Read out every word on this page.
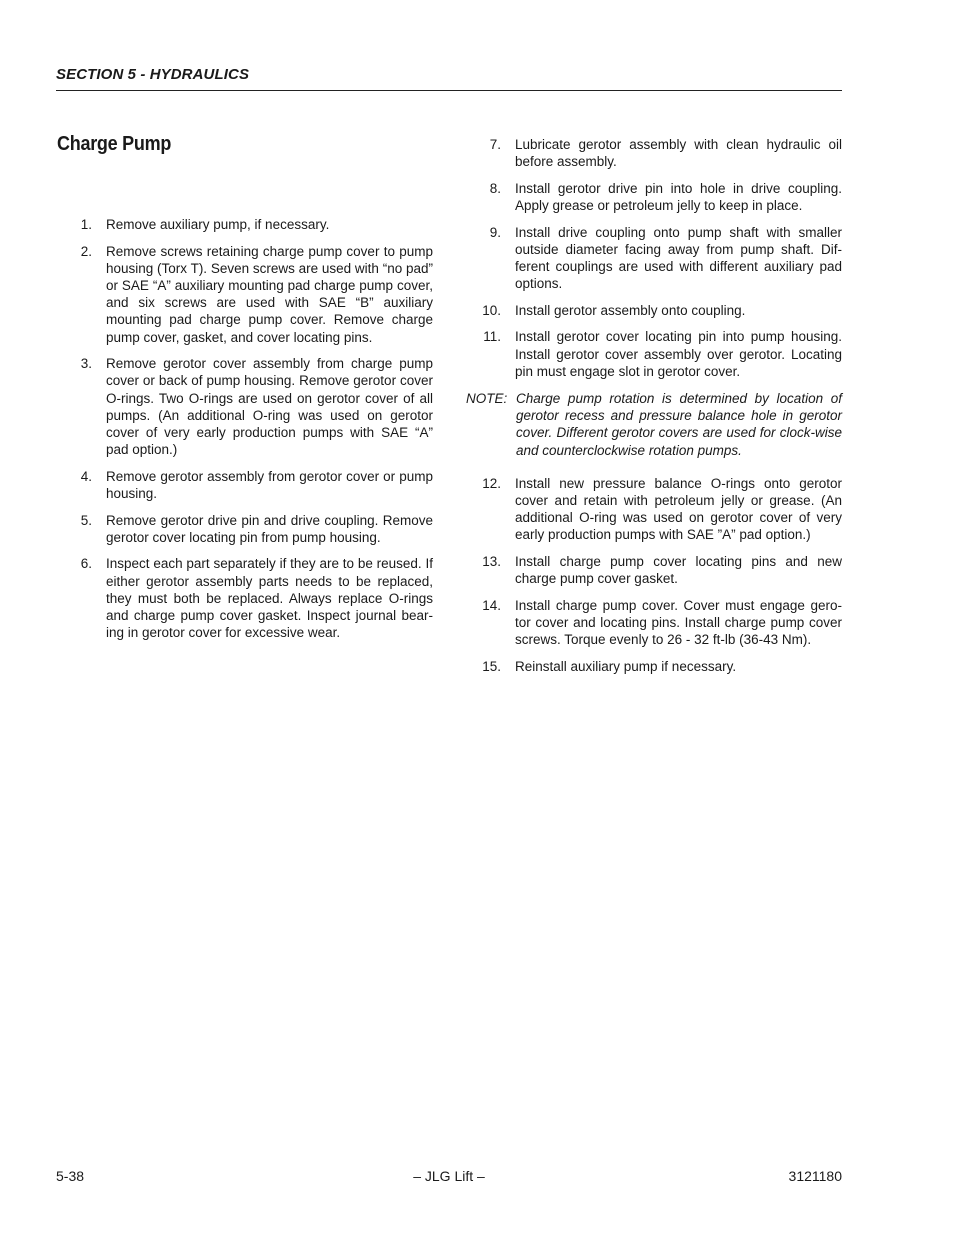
SECTION 5 - HYDRAULICS
Charge Pump
1. Remove auxiliary pump, if necessary.
2. Remove screws retaining charge pump cover to pump housing (Torx T). Seven screws are used with “no pad” or SAE “A” auxiliary mounting pad charge pump cover, and six screws are used with SAE “B” auxiliary mounting pad charge pump cover. Remove charge pump cover, gasket, and cover locating pins.
3. Remove gerotor cover assembly from charge pump cover or back of pump housing. Remove gerotor cover O-rings. Two O-rings are used on gerotor cover of all pumps. (An additional O-ring was used on gerotor cover of very early production pumps with SAE “A” pad option.)
4. Remove gerotor assembly from gerotor cover or pump housing.
5. Remove gerotor drive pin and drive coupling. Remove gerotor cover locating pin from pump housing.
6. Inspect each part separately if they are to be reused. If either gerotor assembly parts needs to be replaced, they must both be replaced. Always replace O-rings and charge pump cover gasket. Inspect journal bear-ing in gerotor cover for excessive wear.
7. Lubricate gerotor assembly with clean hydraulic oil before assembly.
8. Install gerotor drive pin into hole in drive coupling. Apply grease or petroleum jelly to keep in place.
9. Install drive coupling onto pump shaft with smaller outside diameter facing away from pump shaft. Dif-ferent couplings are used with different auxiliary pad options.
10. Install gerotor assembly onto coupling.
11. Install gerotor cover locating pin into pump housing. Install gerotor cover assembly over gerotor. Locating pin must engage slot in gerotor cover.
NOTE: Charge pump rotation is determined by location of gerotor recess and pressure balance hole in gerotor cover. Different gerotor covers are used for clock-wise and counterclockwise rotation pumps.
12. Install new pressure balance O-rings onto gerotor cover and retain with petroleum jelly or grease. (An additional O-ring was used on gerotor cover of very early production pumps with SAE ”A” pad option.)
13. Install charge pump cover locating pins and new charge pump cover gasket.
14. Install charge pump cover. Cover must engage gero-tor cover and locating pins. Install charge pump cover screws. Torque evenly to 26 - 32 ft-lb (36-43 Nm).
15. Reinstall auxiliary pump if necessary.
5-38	– JLG Lift –	3121180
